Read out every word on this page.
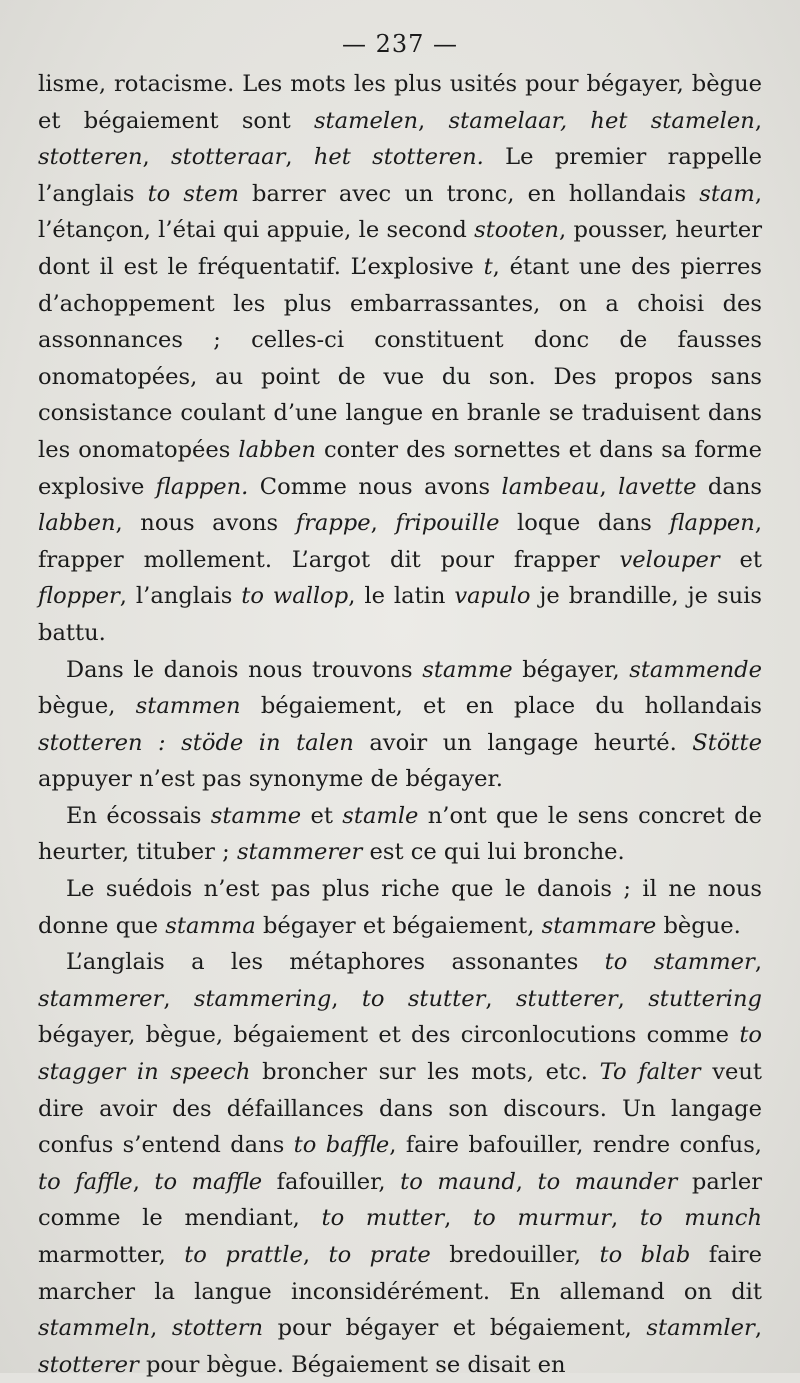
— 237 —

lisme, rotacisme. Les mots les plus usités pour bégayer, bègue et bégaiement sont stamelen, stamelaar, het stamelen, stotteren, stotteraar, het stotteren. Le premier rappelle l’anglais to stem barrer avec un tronc, en hollandais stam, l’étançon, l’étai qui appuie, le second stooten, pousser, heurter dont il est le fréquentatif. L’explosive t, étant une des pierres d’achoppement les plus embarrassantes, on a choisi des assonnances ; celles-ci constituent donc de fausses onomatopées, au point de vue du son. Des propos sans consistance coulant d’une langue en branle se traduisent dans les onomatopées labben conter des sornettes et dans sa forme explosive flappen. Comme nous avons lambeau, lavette dans labben, nous avons frappe, fripouille loque dans flappen, frapper mollement. L’argot dit pour frapper velouper et flopper, l’anglais to wallop, le latin vapulo je brandille, je suis battu.

Dans le danois nous trouvons stamme bégayer, stammende bègue, stammen bégaiement, et en place du hollandais stotteren : stöde in talen avoir un langage heurté. Stötte appuyer n’est pas synonyme de bégayer.

En écossais stamme et stamle n’ont que le sens concret de heurter, tituber ; stammerer est ce qui lui bronche.

Le suédois n’est pas plus riche que le danois ; il ne nous donne que stamma bégayer et bégaiement, stammare bègue.

L’anglais a les métaphores assonantes to stammer, stammerer, stammering, to stutter, stutterer, stuttering bégayer, bègue, bégaiement et des circonlocutions comme to stagger in speech broncher sur les mots, etc. To falter veut dire avoir des défaillances dans son discours. Un langage confus s’entend dans to baffle, faire bafouiller, rendre confus, to faffle, to maffle fafouiller, to maund, to maunder parler comme le mendiant, to mutter, to murmur, to munch marmotter, to prattle, to prate bredouiller, to blab faire marcher la langue inconsidérément. En allemand on dit stammeln, stottern pour bégayer et bégaiement, stammler, stotterer pour bègue. Bégaiement se disait en
